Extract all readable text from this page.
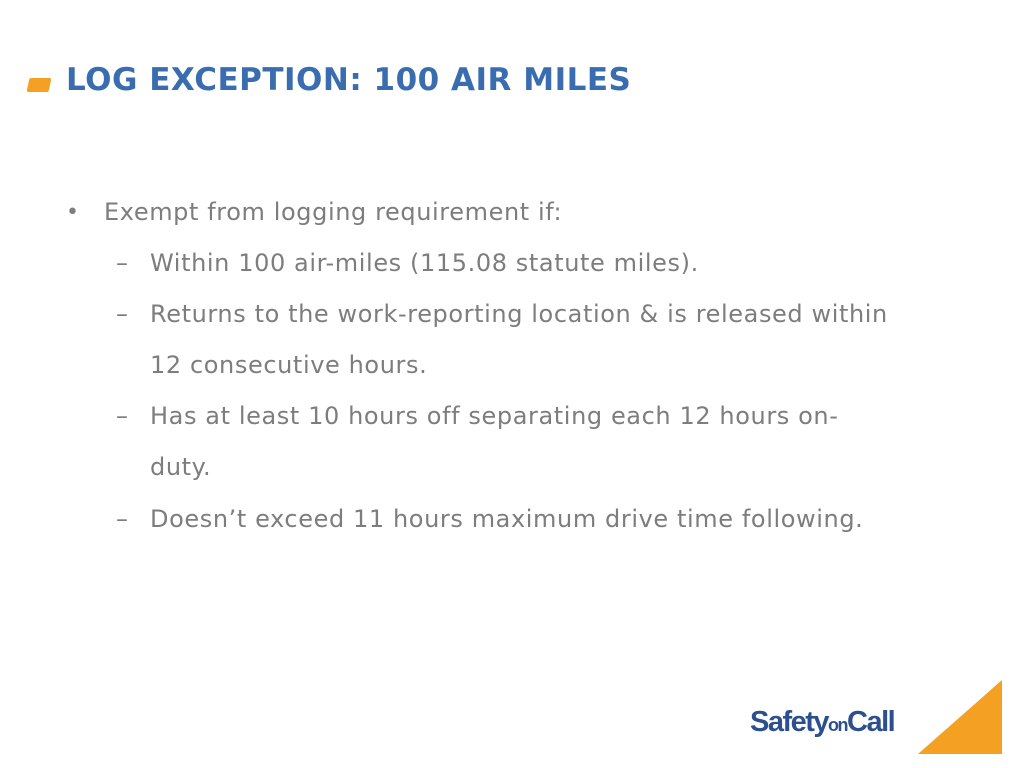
LOG EXCEPTION: 100 AIR MILES
• Exempt from logging requirement if:
– Within 100 air-miles (115.08 statute miles).
– Returns to the work-reporting location & is released within
12 consecutive hours.
– Has at least 10 hours off separating each 12 hours on-
duty.
– Doesn’t exceed 11 hours maximum drive time following.
SafetyonCall
